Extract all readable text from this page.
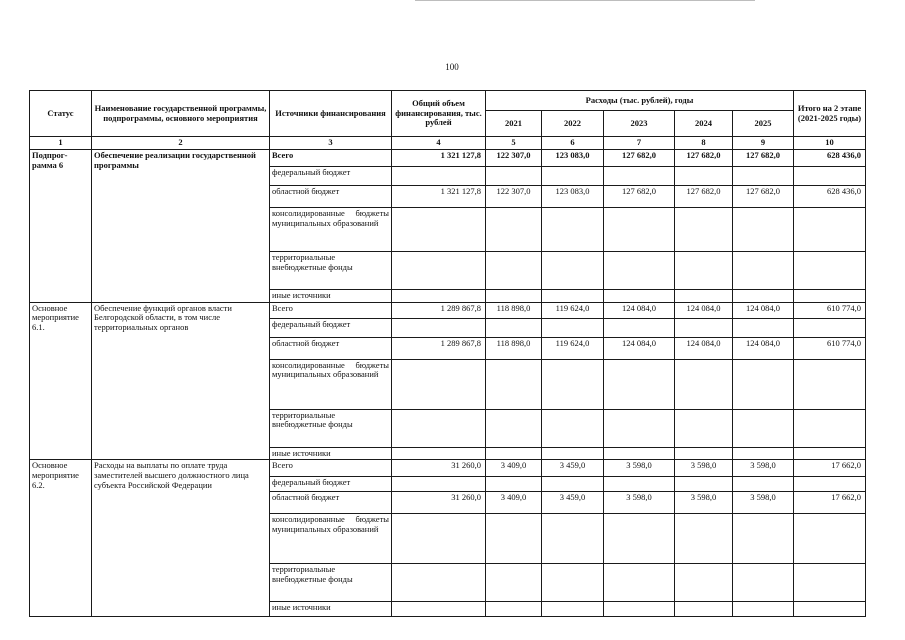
100
Статус	Наименование государственной программы, подпрограммы, основного мероприятия	Источники финансирования	Общий объем финансирования, тыс. рублей	Расходы (тыс. рублей), годы					Итого на 2 этапе (2021-2025 годы)
				2021	2022	2023	2024	2025	
1	2	3	4	5	6	7	8	9	10
Подпрог-рамма 6	Обеспечение реализации государственной программы	Всего	1 321 127,8	122 307,0	123 083,0	127 682,0	127 682,0	127 682,0	628 436,0
		федеральный бюджет							
		областной бюджет	1 321 127,8	122 307,0	123 083,0	127 682,0	127 682,0	127 682,0	628 436,0
		консолидированные бюджеты муниципальных образований							
		территориальные внебюджетные фонды							
		иные источники							
Основное мероприятие 6.1.	Обеспечение функций органов власти Белгородской области, в том числе территориальных органов	Всего	1 289 867,8	118 898,0	119 624,0	124 084,0	124 084,0	124 084,0	610 774,0
		федеральный бюджет							
		областной бюджет	1 289 867,8	118 898,0	119 624,0	124 084,0	124 084,0	124 084,0	610 774,0
		консолидированные бюджеты муниципальных образований							
		территориальные внебюджетные фонды							
		иные источники							
Основное мероприятие 6.2.	Расходы на выплаты по оплате труда заместителей высшего должностного лица субъекта Российской Федерации	Всего	31 260,0	3 409,0	3 459,0	3 598,0	3 598,0	3 598,0	17 662,0
		федеральный бюджет							
		областной бюджет	31 260,0	3 409,0	3 459,0	3 598,0	3 598,0	3 598,0	17 662,0
		консолидированные бюджеты муниципальных образований							
		территориальные внебюджетные фонды							
		иные источники							
